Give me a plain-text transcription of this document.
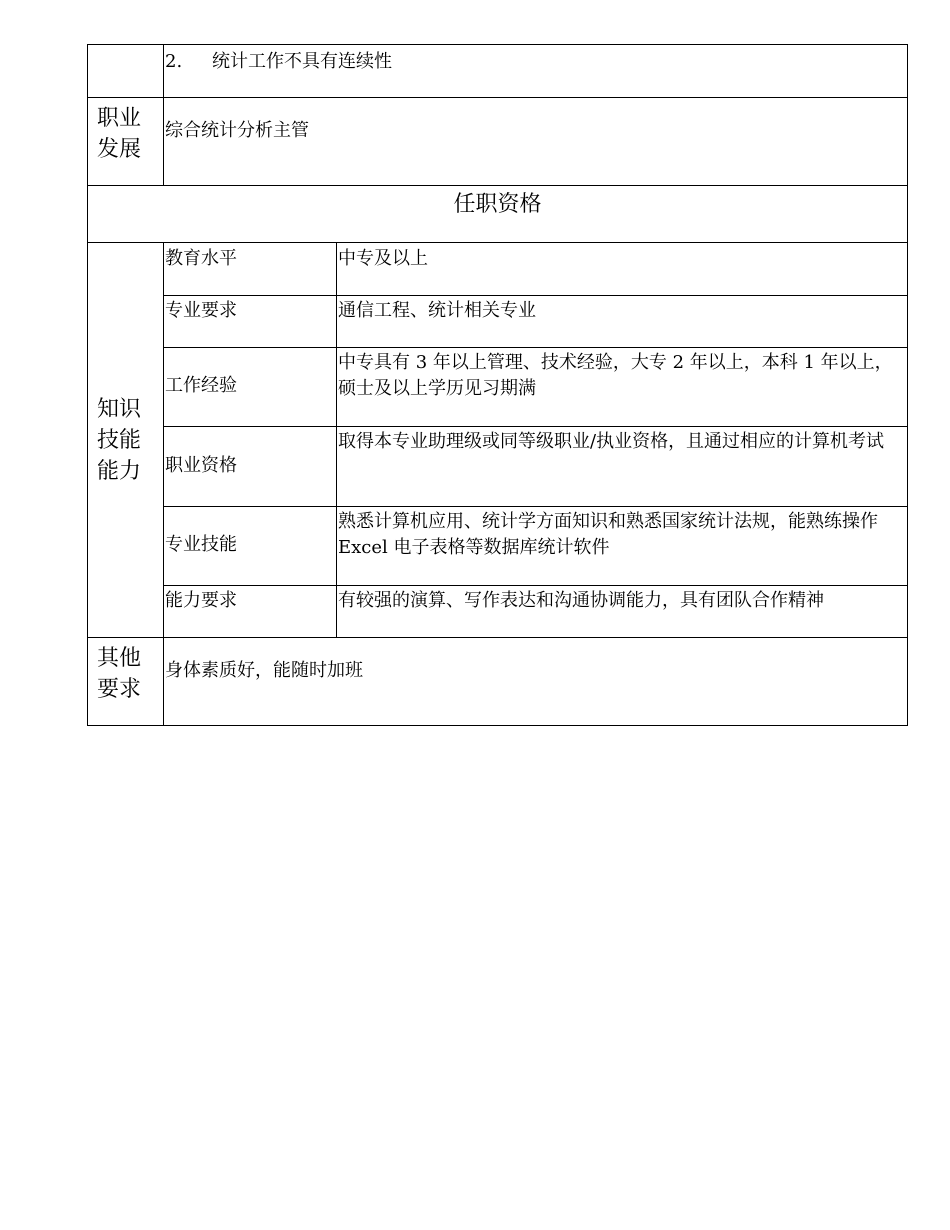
	2. 统计工作不具有连续性	

职业
发展	综合统计分析主管	
任职资格		

知识
技能
能力	教育水平	中专及以上
	专业要求	通信工程、统计相关专业
	工作经验	中专具有 3 年以上管理、技术经验，大专 2 年以上，本科 1 年以上，硕士及以上学历见习期满
	职业资格	取得本专业助理级或同等级职业/执业资格，且通过相应的计算机考试
	专业技能	熟悉计算机应用、统计学方面知识和熟悉国家统计法规，能熟练操作 Excel 电子表格等数据库统计软件
	能力要求	有较强的演算、写作表达和沟通协调能力，具有团队合作精神

其他
要求	身体素质好，能随时加班	
